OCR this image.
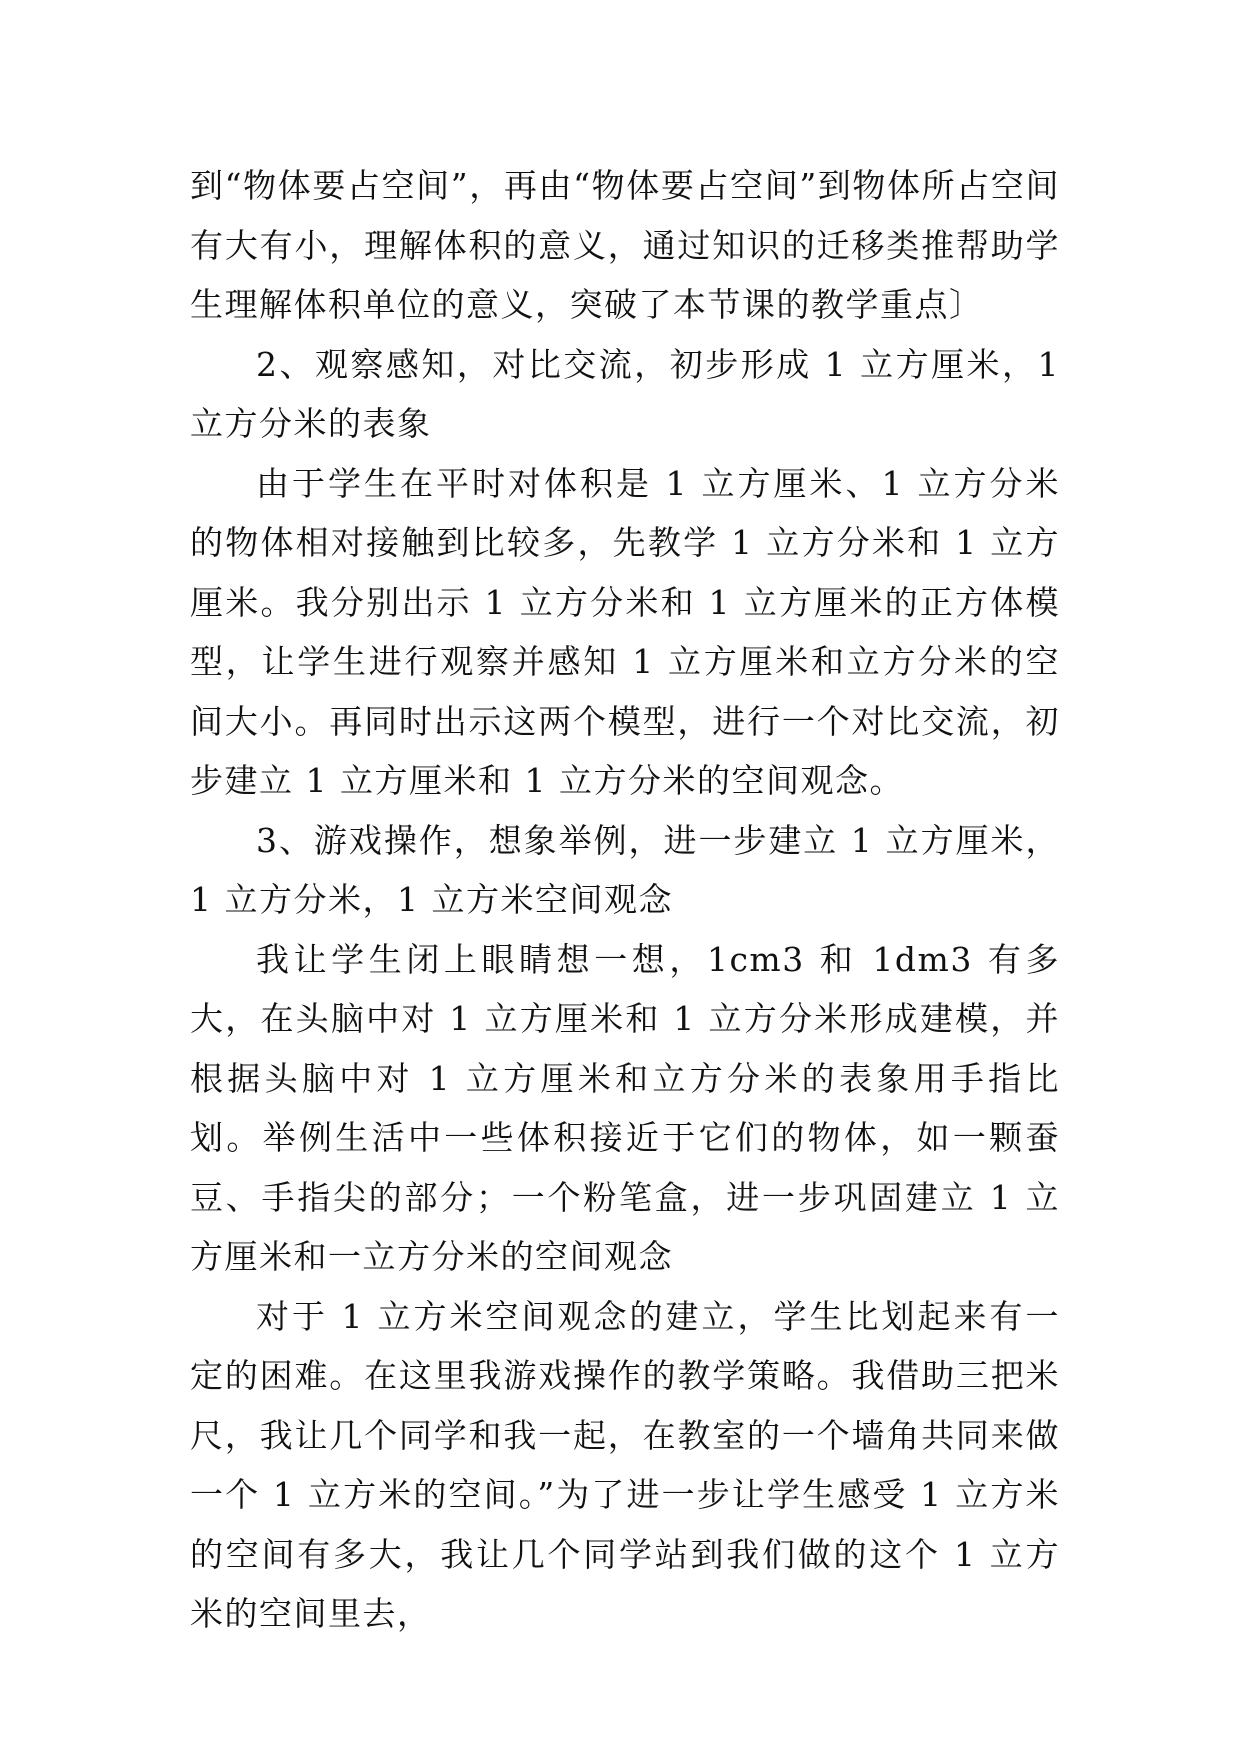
到“物体要占空间”，再由“物体要占空间”到物体所占空间有大有小，理解体积的意义，通过知识的迁移类推帮助学生理解体积单位的意义，突破了本节课的教学重点〕

2、观察感知，对比交流，初步形成 1 立方厘米，1 立方分米的表象

由于学生在平时对体积是 1 立方厘米、1 立方分米的物体相对接触到比较多，先教学 1 立方分米和 1 立方厘米。我分别出示 1 立方分米和 1 立方厘米的正方体模型，让学生进行观察并感知 1 立方厘米和立方分米的空间大小。再同时出示这两个模型，进行一个对比交流，初步建立 1 立方厘米和 1 立方分米的空间观念。

3、游戏操作，想象举例，进一步建立 1 立方厘米，1 立方分米，1 立方米空间观念

我让学生闭上眼睛想一想，1cm3 和 1dm3 有多大，在头脑中对 1 立方厘米和 1 立方分米形成建模，并根据头脑中对 1 立方厘米和立方分米的表象用手指比划。举例生活中一些体积接近于它们的物体，如一颗蚕豆、手指尖的部分；一个粉笔盒，进一步巩固建立 1 立方厘米和一立方分米的空间观念

对于 1 立方米空间观念的建立，学生比划起来有一定的困难。在这里我游戏操作的教学策略。我借助三把米尺，我让几个同学和我一起，在教室的一个墙角共同来做一个 1 立方米的空间。”为了进一步让学生感受 1 立方米的空间有多大，我让几个同学站到我们做的这个 1 立方米的空间里去，
